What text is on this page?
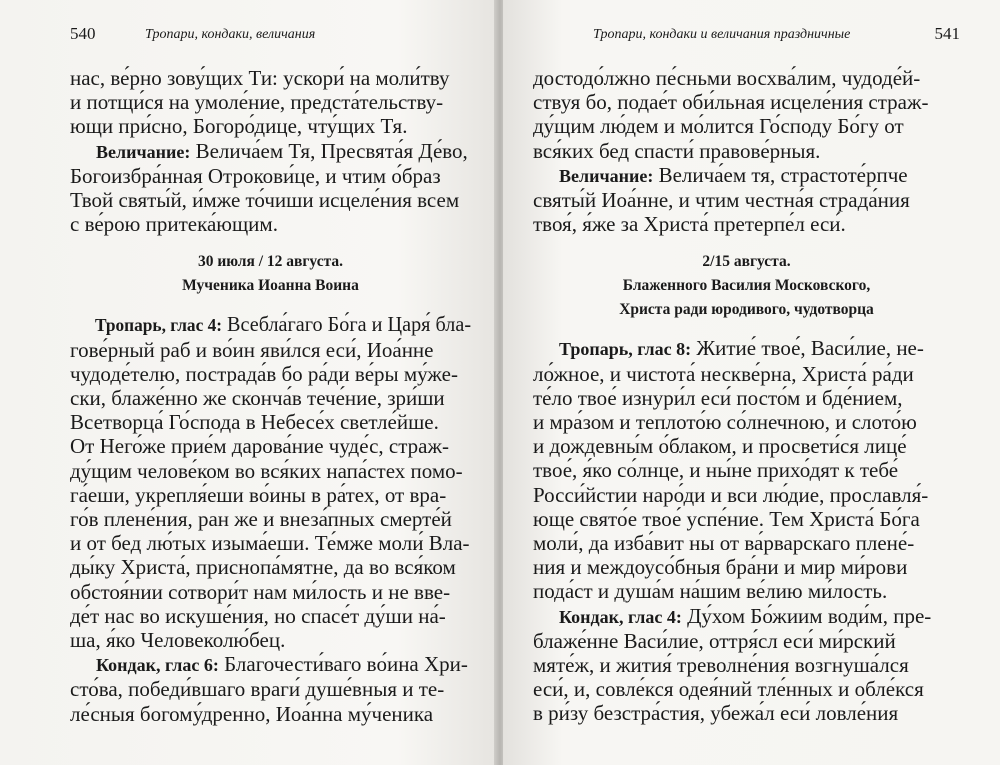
540	Тропари, кондаки, величания
нас, ве́рно зову́щих Ти: ускори́ на моли́тву
и потщи́ся на умоле́ние, предста́тельству-
ющи при́сно, Богоро́дице, чту́щих Тя.
Величание: Велича́ем Тя, Пресвята́я Де́во,
Богоизбра́нная Отрокови́це, и чтим о́браз
Твой святы́й, и́мже то́чиши исцеле́ния всем
с ве́рою притека́ющим.
30 июля / 12 августа.
Мученика Иоанна Воина
Тропарь, глас 4: Всебла́гаго Бо́га и Царя́ бла-
гове́рный раб и во́ин яви́лся еси́, Иоа́нне
чудоде́телю, пострада́в бо ра́ди ве́ры му́же-
ски, блаже́нно же сконча́в тече́ние, зри́ши
Всетворца́ Го́спода в Небесе́х светле́йше.
От Него́же прие́м дарова́ние чуде́с, страж-
ду́щим челове́ком во вся́ких напа́стех помо-
га́еши, укрепля́еши во́ины в ра́тех, от вра-
го́в плене́ния, ран же и внеза́пных смерте́й
и от бед лю́тых изыма́еши. Те́мже моли́ Вла-
ды́ку Христа́, приснопа́мятне, да во вся́ком
обстоя́нии сотвори́т нам ми́лость и не вве-
де́т нас во искуше́ния, но спасе́т ду́ши на́-
ша, я́ко Человеколю́бец.
Кондак, глас 6: Благочести́ваго во́ина Хри-
сто́ва, победи́вшаго враги́ душе́вныя и те-
ле́сныя богому́дренно, Иоа́нна му́ченика
Тропари, кондаки и величания праздничные	541
достодо́лжно пе́сньми восхва́лим, чудоде́й-
ствуя бо, подае́т оби́льная исцеле́ния страж-
ду́щим лю́дем и мо́лится Го́споду Бо́гу от
вся́ких бед спасти́ правове́рныя.
Величание: Велича́ем тя, страстоте́рпче
святы́й Иоа́нне, и чтим честна́я страда́ния
твоя́, я́же за Христа́ претерпе́л еси́.
2/15 августа.
Блаженного Василия Московского,
Христа ради юродивого, чудотворца
Тропарь, глас 8: Житие́ твое́, Васи́лие, не-
ло́жное, и чистота́ нескве́рна, Христа́ ра́ди
те́ло твое́ изнури́л еси́ посто́м и бде́нием,
и мра́зом и теплото́ю со́лнечною, и слото́ю
и дождевны́м о́блаком, и просвети́ся лице́
твое́, я́ко со́лнце, и ны́не прихо́дят к тебе́
Росси́йстии наро́ди и вси лю́дие, прославля́-
юще свято́е твое́ успе́ние. Тем Христа́ Бо́га
моли́, да изба́вит ны от ва́рварскаго плене́-
ния и междоусо́бныя бра́ни и мир ми́рови
пода́ст и душа́м на́шим ве́лию ми́лость.
Кондак, глас 4: Ду́хом Бо́жиим води́м, пре-
блаже́нне Васи́лие, оттря́сл еси́ ми́рский
мяте́ж, и жития́ треволне́ния возгнуша́лся
еси́, и, совле́кся одея́ний тле́нных и обле́кся
в ри́зу безстра́стия, убежа́л еси́ ловле́ния
